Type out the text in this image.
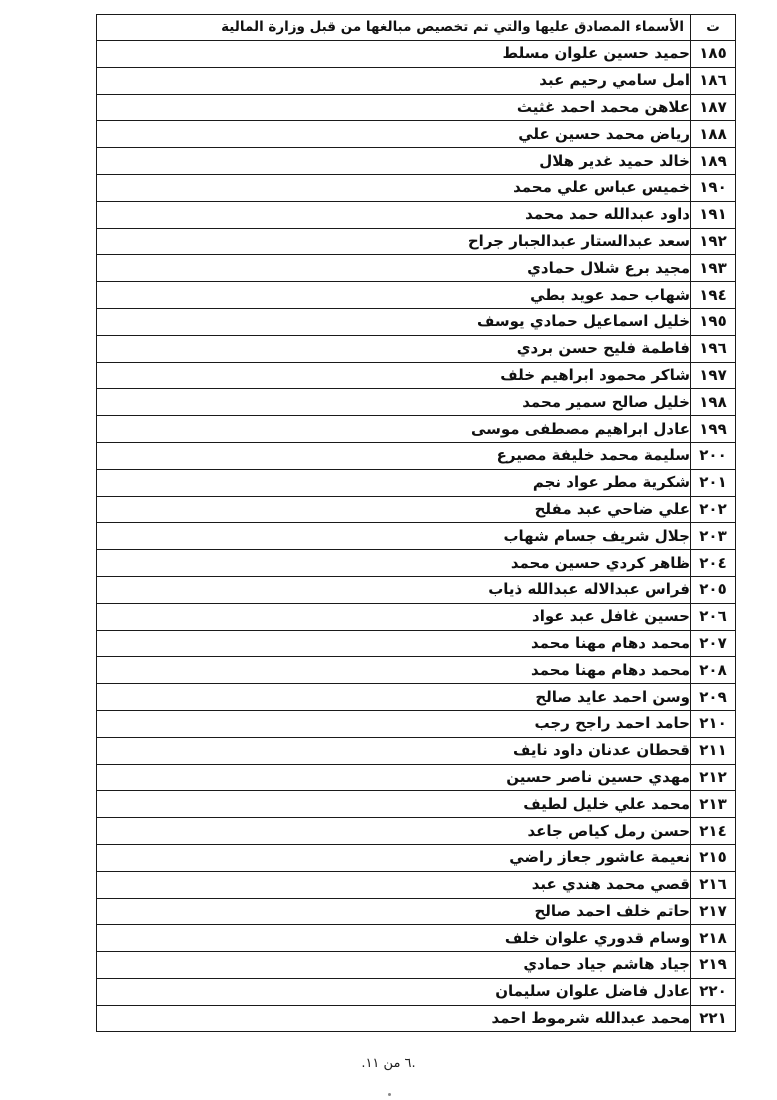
ت	الأسماء المصادق عليها والتي تم تخصيص مبالغها من قبل وزارة المالية
١٨٥	حميد حسين علوان مسلط
١٨٦	امل سامي رحيم عبد
١٨٧	علاهن محمد احمد غثيث
١٨٨	رياض محمد حسين علي
١٨٩	خالد حميد غدير هلال
١٩٠	خميس عباس علي محمد
١٩١	داود عبدالله حمد محمد
١٩٢	سعد عبدالستار عبدالجبار جراح
١٩٣	مجيد برع شلال حمادي
١٩٤	شهاب حمد عويد بطي
١٩٥	خليل اسماعيل حمادي يوسف
١٩٦	فاطمة فليح حسن بردي
١٩٧	شاكر محمود ابراهيم خلف
١٩٨	خليل صالح سمير محمد
١٩٩	عادل ابراهيم مصطفى موسى
٢٠٠	سليمة محمد خليفة مصيرع
٢٠١	شكرية مطر عواد نجم
٢٠٢	علي ضاحي عبد مفلح
٢٠٣	جلال شريف جسام شهاب
٢٠٤	ظاهر كردي حسين محمد
٢٠٥	فراس عبدالاله عبدالله ذياب
٢٠٦	حسين غافل عبد عواد
٢٠٧	محمد دهام مهنا محمد
٢٠٨	محمد دهام مهنا محمد
٢٠٩	وسن احمد عايد صالح
٢١٠	حامد احمد راجح رجب
٢١١	قحطان عدنان داود نايف
٢١٢	مهدي حسين ناصر حسين
٢١٣	محمد علي خليل لطيف
٢١٤	حسن رمل كياص جاعد
٢١٥	نعيمة عاشور جعاز راضي
٢١٦	قصي محمد هندي عبد
٢١٧	حاتم خلف احمد صالح
٢١٨	وسام قدوري علوان خلف
٢١٩	جياد هاشم جياد حمادي
٢٢٠	عادل فاضل علوان سليمان
٢٢١	محمد عبدالله شرموط احمد
.٦ من ١١.
